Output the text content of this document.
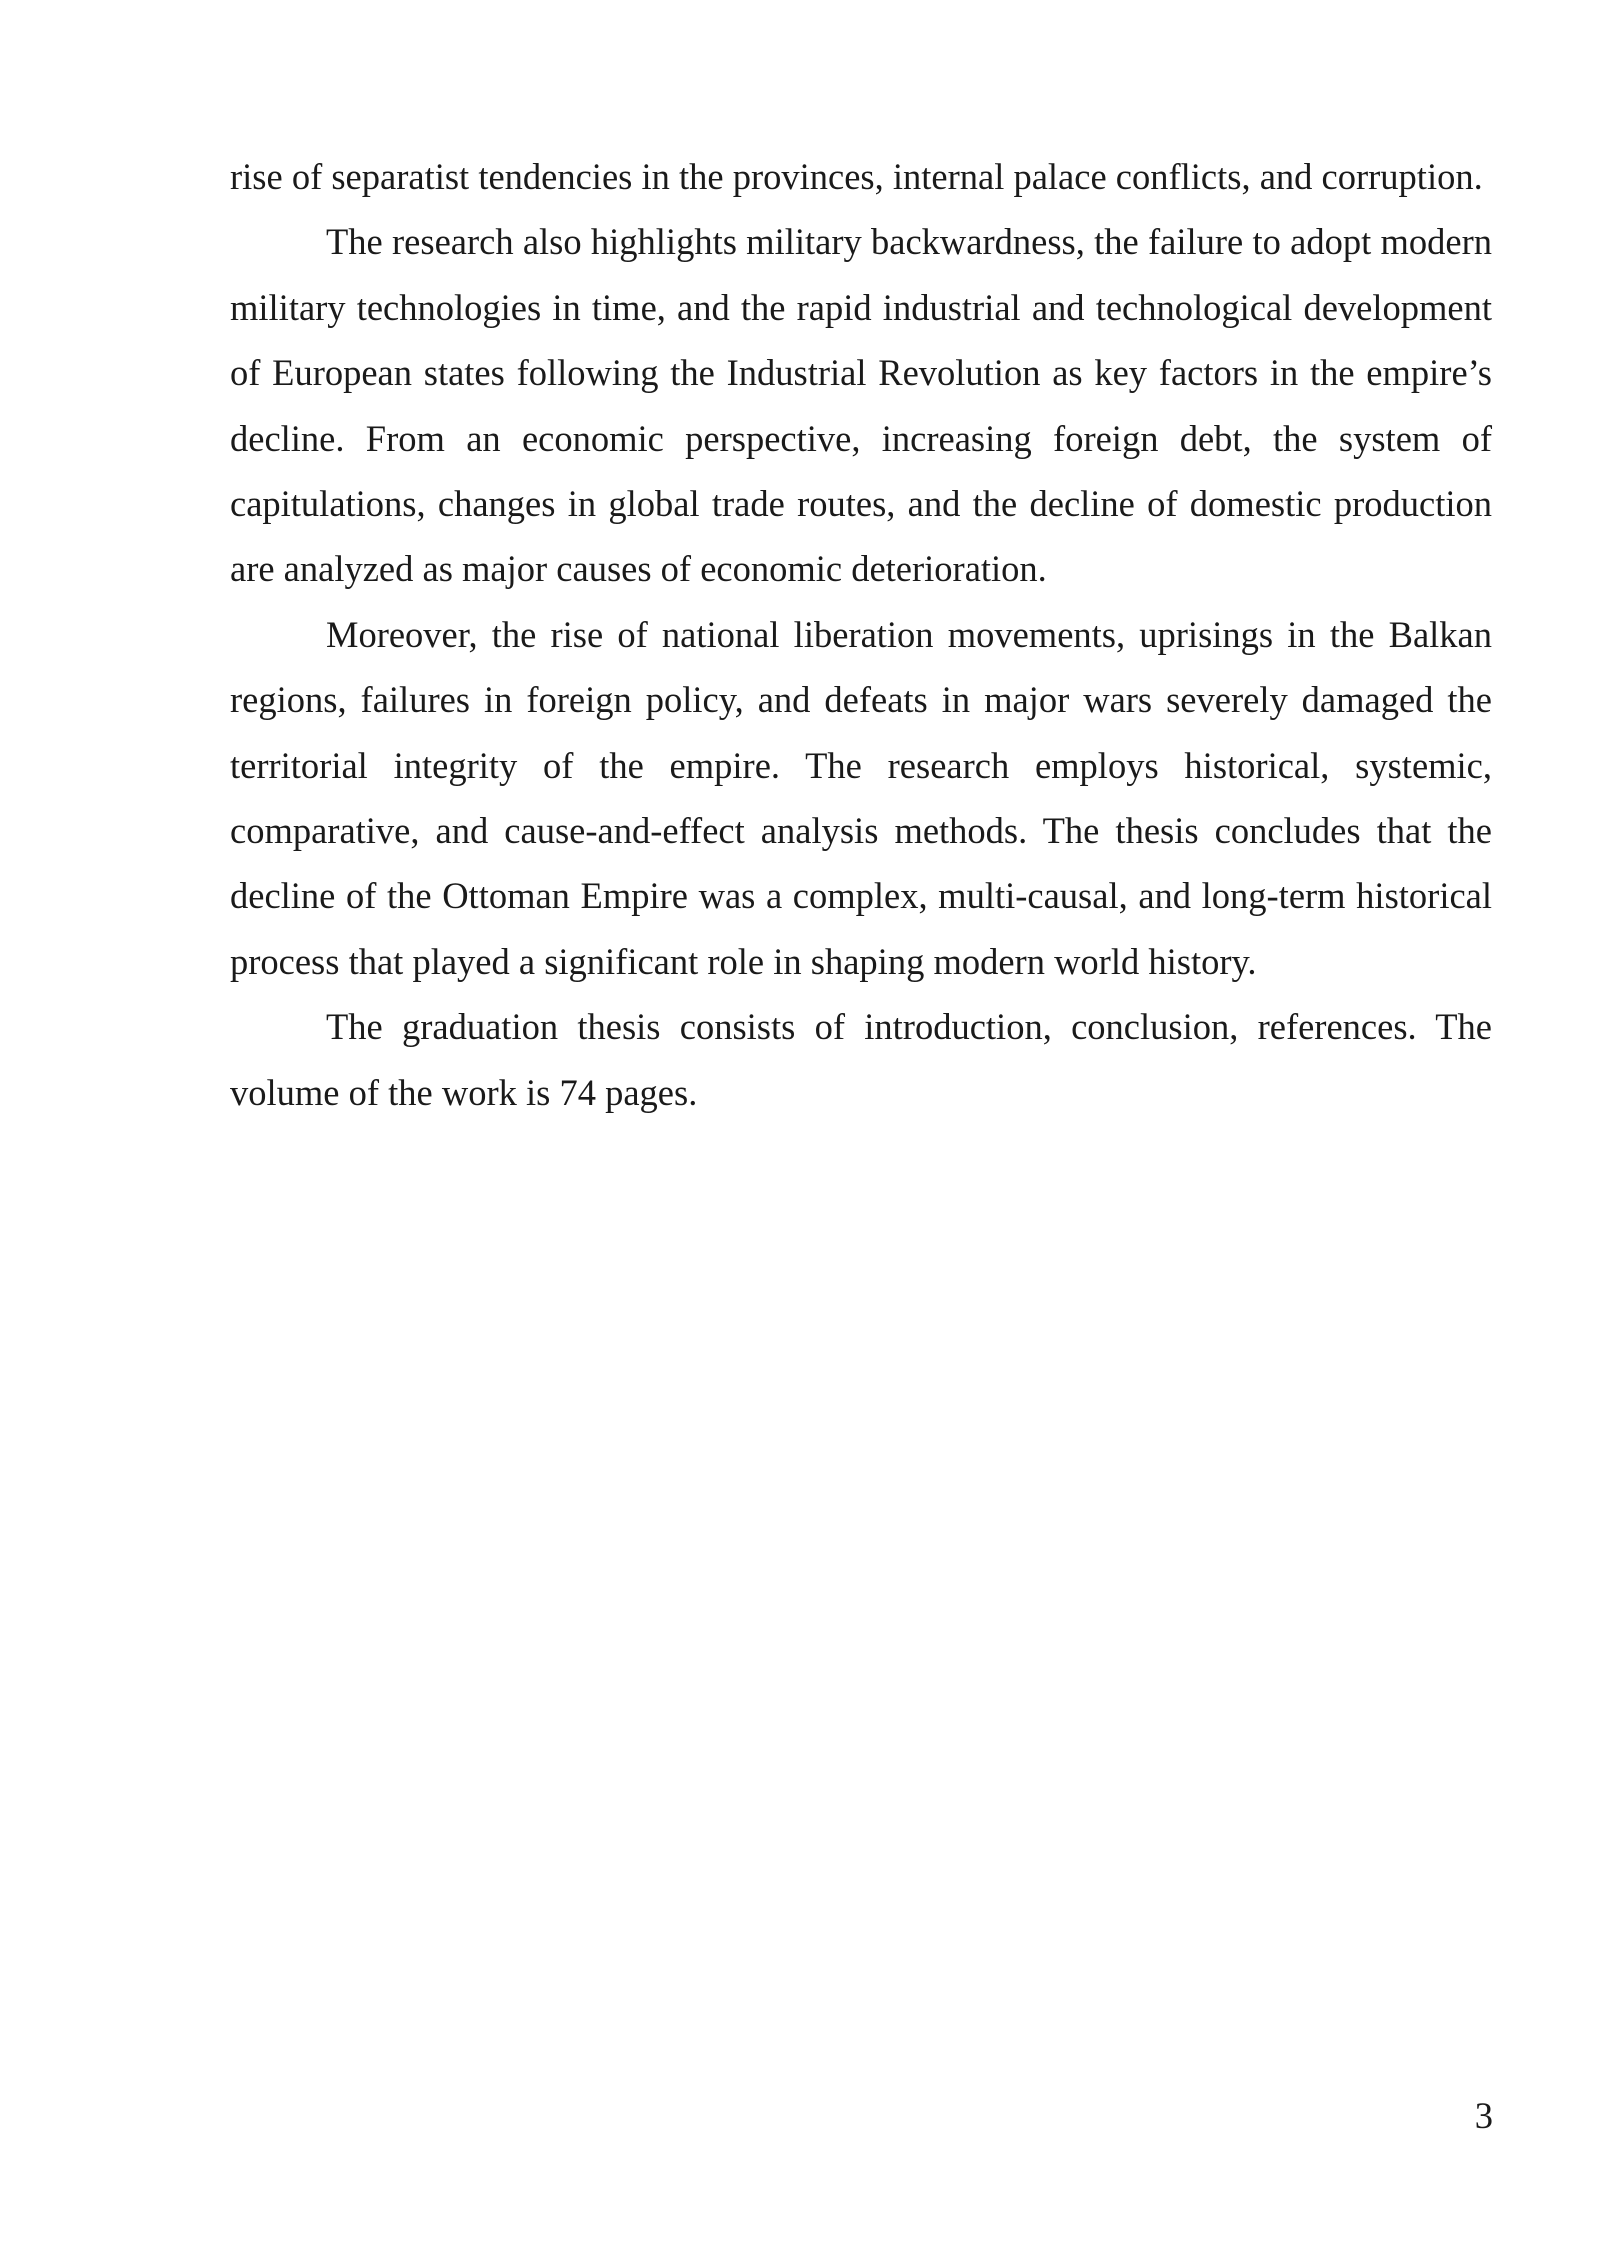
rise of separatist tendencies in the provinces, internal palace conflicts, and corruption.

The research also highlights military backwardness, the failure to adopt modern military technologies in time, and the rapid industrial and technological development of European states following the Industrial Revolution as key factors in the empire’s decline. From an economic perspective, increasing foreign debt, the system of capitulations, changes in global trade routes, and the decline of domestic production are analyzed as major causes of economic deterioration.

Moreover, the rise of national liberation movements, uprisings in the Balkan regions, failures in foreign policy, and defeats in major wars severely damaged the territorial integrity of the empire. The research employs historical, systemic, comparative, and cause-and-effect analysis methods. The thesis concludes that the decline of the Ottoman Empire was a complex, multi-causal, and long-term historical process that played a significant role in shaping modern world history.

The graduation thesis consists of introduction, conclusion, references. The volume of the work is 74 pages.

3
